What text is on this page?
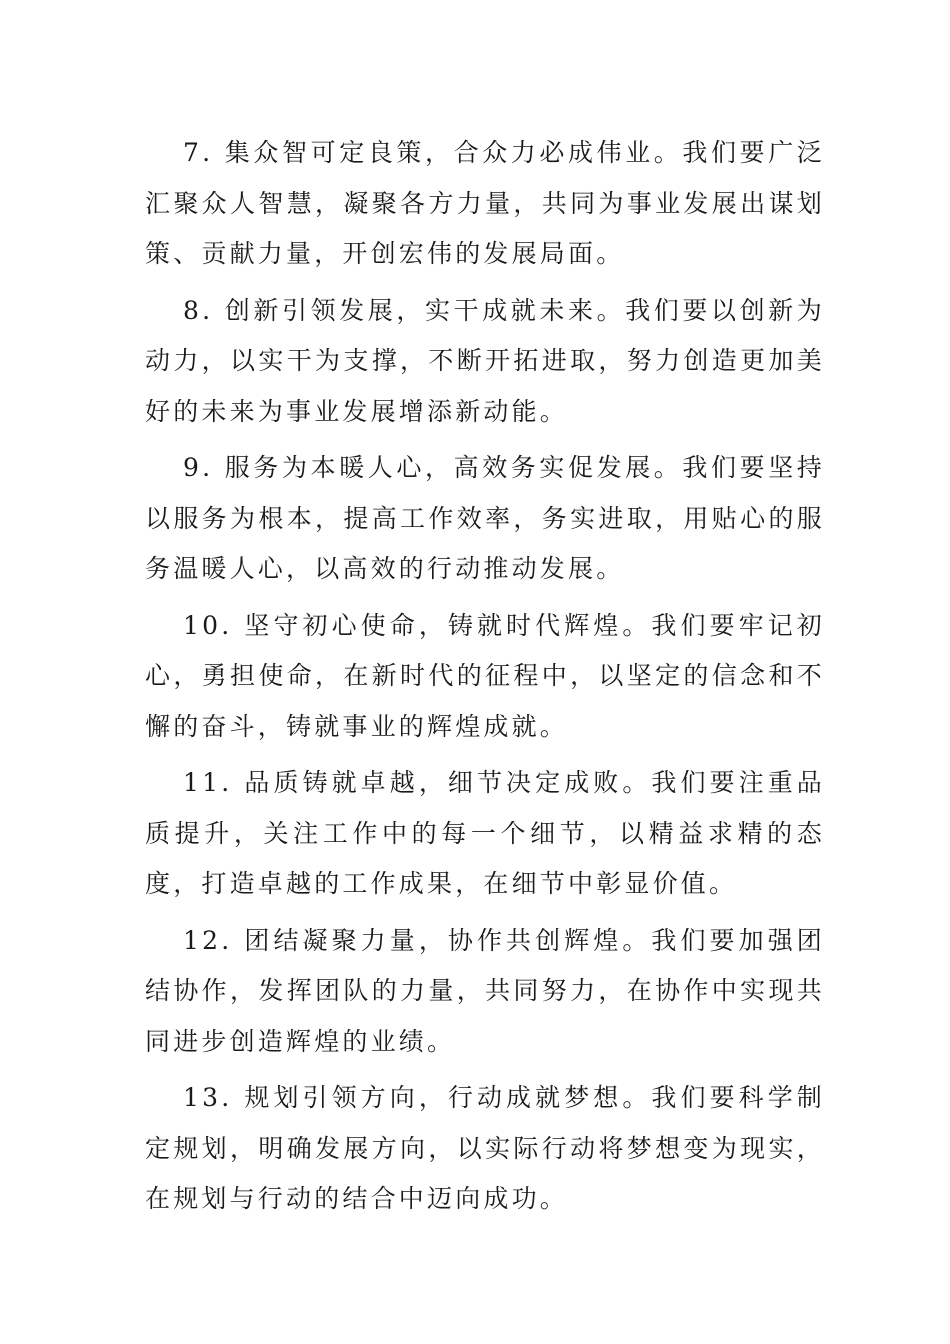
7. 集众智可定良策，合众力必成伟业。我们要广泛汇聚众人智慧，凝聚各方力量，共同为事业发展出谋划策、贡献力量，开创宏伟的发展局面。

8. 创新引领发展，实干成就未来。我们要以创新为动力，以实干为支撑，不断开拓进取，努力创造更加美好的未来为事业发展增添新动能。

9. 服务为本暖人心，高效务实促发展。我们要坚持以服务为根本，提高工作效率，务实进取，用贴心的服务温暖人心，以高效的行动推动发展。

10. 坚守初心使命，铸就时代辉煌。我们要牢记初心，勇担使命，在新时代的征程中，以坚定的信念和不懈的奋斗，铸就事业的辉煌成就。

11. 品质铸就卓越，细节决定成败。我们要注重品质提升，关注工作中的每一个细节，以精益求精的态度，打造卓越的工作成果，在细节中彰显价值。

12. 团结凝聚力量，协作共创辉煌。我们要加强团结协作，发挥团队的力量，共同努力，在协作中实现共同进步创造辉煌的业绩。

13. 规划引领方向，行动成就梦想。我们要科学制定规划，明确发展方向，以实际行动将梦想变为现实，在规划与行动的结合中迈向成功。
